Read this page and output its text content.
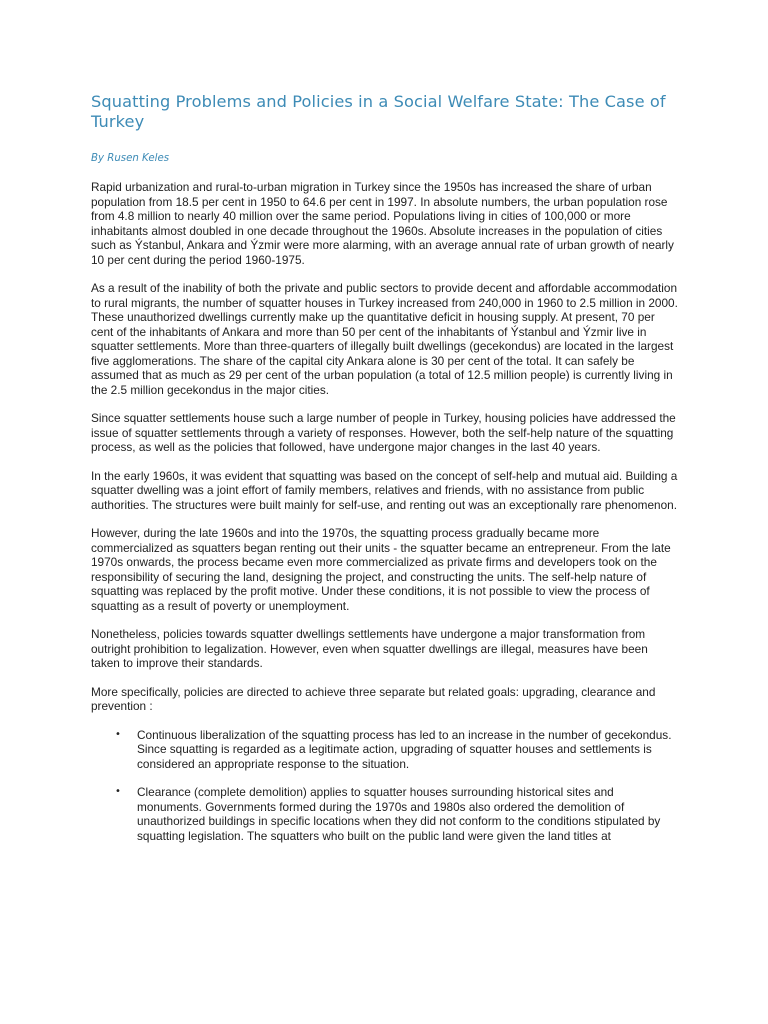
Squatting Problems and Policies in a Social Welfare State: The Case of Turkey
By Rusen Keles

Rapid urbanization and rural-to-urban migration in Turkey since the 1950s has increased the share of urban population from 18.5 per cent in 1950 to 64.6 per cent in 1997. In absolute numbers, the urban population rose from 4.8 million to nearly 40 million over the same period. Populations living in cities of 100,000 or more inhabitants almost doubled in one decade throughout the 1960s. Absolute increases in the population of cities such as Ýstanbul, Ankara and Ýzmir were more alarming, with an average annual rate of urban growth of nearly 10 per cent during the period 1960-1975.

As a result of the inability of both the private and public sectors to provide decent and affordable accommodation to rural migrants, the number of squatter houses in Turkey increased from 240,000 in 1960 to 2.5 million in 2000. These unauthorized dwellings currently make up the quantitative deficit in housing supply. At present, 70 per cent of the inhabitants of Ankara and more than 50 per cent of the inhabitants of Ýstanbul and Ýzmir live in squatter settlements. More than three-quarters of illegally built dwellings (gecekondus) are located in the largest five agglomerations. The share of the capital city Ankara alone is 30 per cent of the total. It can safely be assumed that as much as 29 per cent of the urban population (a total of 12.5 million people) is currently living in the 2.5 million gecekondus in the major cities.

Since squatter settlements house such a large number of people in Turkey, housing policies have addressed the issue of squatter settlements through a variety of responses. However, both the self-help nature of the squatting process, as well as the policies that followed, have undergone major changes in the last 40 years.

In the early 1960s, it was evident that squatting was based on the concept of self-help and mutual aid. Building a squatter dwelling was a joint effort of family members, relatives and friends, with no assistance from public authorities. The structures were built mainly for self-use, and renting out was an exceptionally rare phenomenon.

However, during the late 1960s and into the 1970s, the squatting process gradually became more commercialized as squatters began renting out their units - the squatter became an entrepreneur. From the late 1970s onwards, the process became even more commercialized as private firms and developers took on the responsibility of securing the land, designing the project, and constructing the units. The self-help nature of squatting was replaced by the profit motive. Under these conditions, it is not possible to view the process of squatting as a result of poverty or unemployment.

Nonetheless, policies towards squatter dwellings settlements have undergone a major transformation from outright prohibition to legalization. However, even when squatter dwellings are illegal, measures have been taken to improve their standards.

More specifically, policies are directed to achieve three separate but related goals: upgrading, clearance and prevention :

• Continuous liberalization of the squatting process has led to an increase in the number of gecekondus. Since squatting is regarded as a legitimate action, upgrading of squatter houses and settlements is considered an appropriate response to the situation.
• Clearance (complete demolition) applies to squatter houses surrounding historical sites and monuments. Governments formed during the 1970s and 1980s also ordered the demolition of unauthorized buildings in specific locations when they did not conform to the conditions stipulated by squatting legislation. The squatters who built on the public land were given the land titles at
